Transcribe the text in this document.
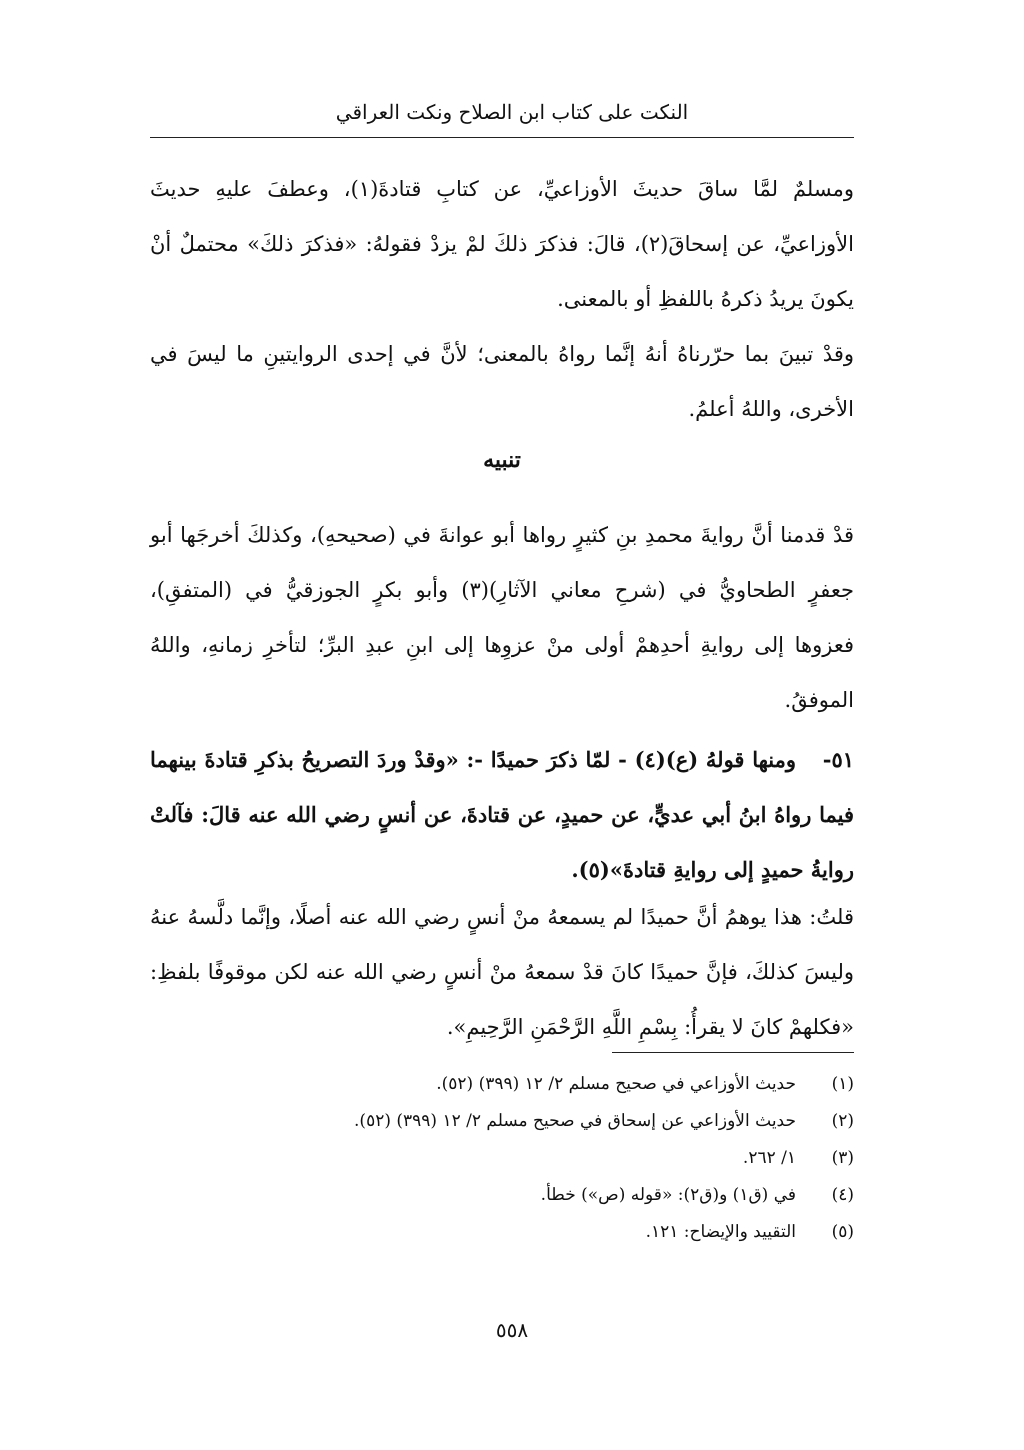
النكت على كتاب ابن الصلاح ونكت العراقي

ومسلمٌ لمَّا ساقَ حديثَ الأوزاعيِّ، عن كتابِ قتادةَ(١)، وعطفَ عليهِ حديثَ الأوزاعيِّ، عن إسحاقَ(٢)، قالَ: فذكرَ ذلكَ لمْ يزدْ فقولهُ: «فذكرَ ذلكَ» محتملٌ أنْ يكونَ يريدُ ذكرهُ باللفظِ أو بالمعنى.

وقدْ تبينَ بما حرّرناهُ أنهُ إنَّما رواهُ بالمعنى؛ لأنَّ في إحدى الروايتينِ ما ليسَ في الأخرى، واللهُ أعلمُ.

تنبيه

قدْ قدمنا أنَّ روايةَ محمدِ بنِ كثيرٍ رواها أبو عوانةَ في (صحيحهِ)، وكذلكَ أخرجَها أبو جعفرٍ الطحاويُّ في (شرحِ معاني الآثارِ)(٣) وأبو بكرٍ الجوزقيُّ في (المتفقِ)، فعزوها إلى روايةِ أحدِهمْ أولى منْ عزوِها إلى ابنِ عبدِ البرِّ؛ لتأخرِ زمانهِ، واللهُ الموفقُ.

٥١-ومنها قولهُ (ع)(٤) - لمّا ذكرَ حميدًا -: «وقدْ وردَ التصريحُ بذكرِ قتادةَ بينهما فيما رواهُ ابنُ أبي عديٍّ، عن حميدٍ، عن قتادةَ، عن أنسٍ رضي الله عنه قالَ: فآلتْ روايةُ حميدٍ إلى روايةِ قتادةَ»(٥).

قلتُ: هذا يوهمُ أنَّ حميدًا لم يسمعهُ منْ أنسٍ رضي الله عنه أصلًا، وإنَّما دلَّسهُ عنهُ وليسَ كذلكَ، فإنَّ حميدًا كانَ قدْ سمعهُ منْ أنسٍ رضي الله عنه لكن موقوفًا بلفظِ: «فكلهمْ كانَ لا يقرأُ: بِسْمِ اللَّهِ الرَّحْمَنِ الرَّحِيمِ».

(١)
حديث الأوزاعي في صحيح مسلم ٢/ ١٢ (٣٩٩) (٥٢).
(٢)
حديث الأوزاعي عن إسحاق في صحيح مسلم ٢/ ١٢ (٣٩٩) (٥٢).
(٣)
١/ ٢٦٢.
(٤)
في (ق١) و(ق٢): «قوله (ص») خطأ.
(٥)
التقييد والإيضاح: ١٢١.
٥٥٨
